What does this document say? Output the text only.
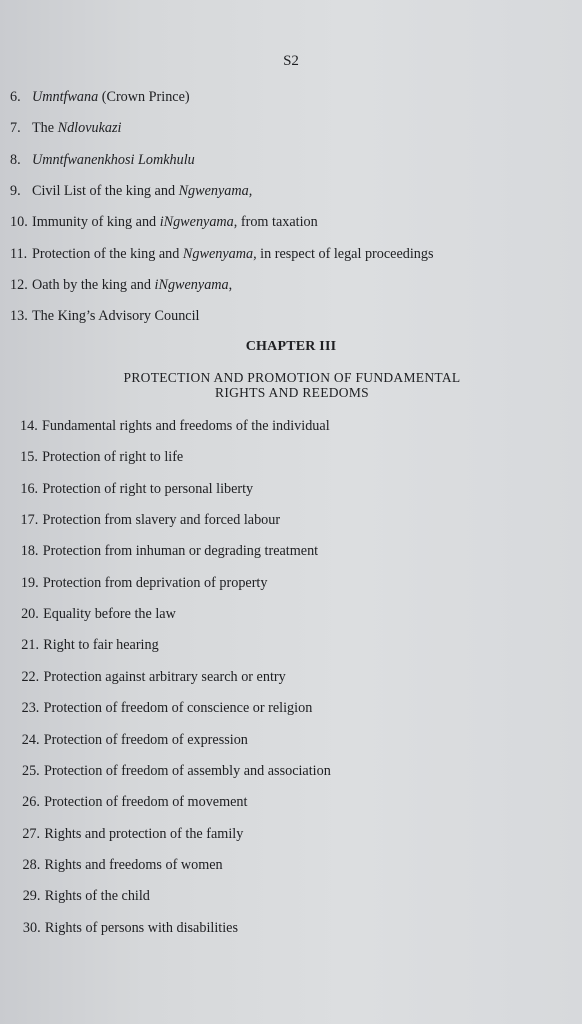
S2
6. Umntfwana (Crown Prince)
7. The Ndlovukazi
8. Umntfwanenkhosi Lomkhulu
9. Civil List of the king and Ngwenyama,
10. Immunity of king and iNgwenyama, from taxation
11. Protection of the king and Ngwenyama, in respect of legal proceedings
12. Oath by the king and iNgwenyama,
13. The King’s Advisory Council
CHAPTER III
PROTECTION AND PROMOTION OF FUNDAMENTAL
RIGHTS AND REEDOMS
14.Fundamental rights and freedoms of the individual
15.Protection of right to life
16.Protection of right to personal liberty
17.Protection from slavery and forced labour
18.Protection from inhuman or degrading treatment
19.Protection from deprivation of property
20.Equality before the law
21.Right to fair hearing
22.Protection against arbitrary search or entry
23.Protection of freedom of conscience or religion
24.Protection of freedom of expression
25.Protection of freedom of assembly and association
26.Protection of freedom of movement
27.Rights and protection of the family
28.Rights and freedoms of women
29.Rights of the child
30.Rights of persons with disabilities
